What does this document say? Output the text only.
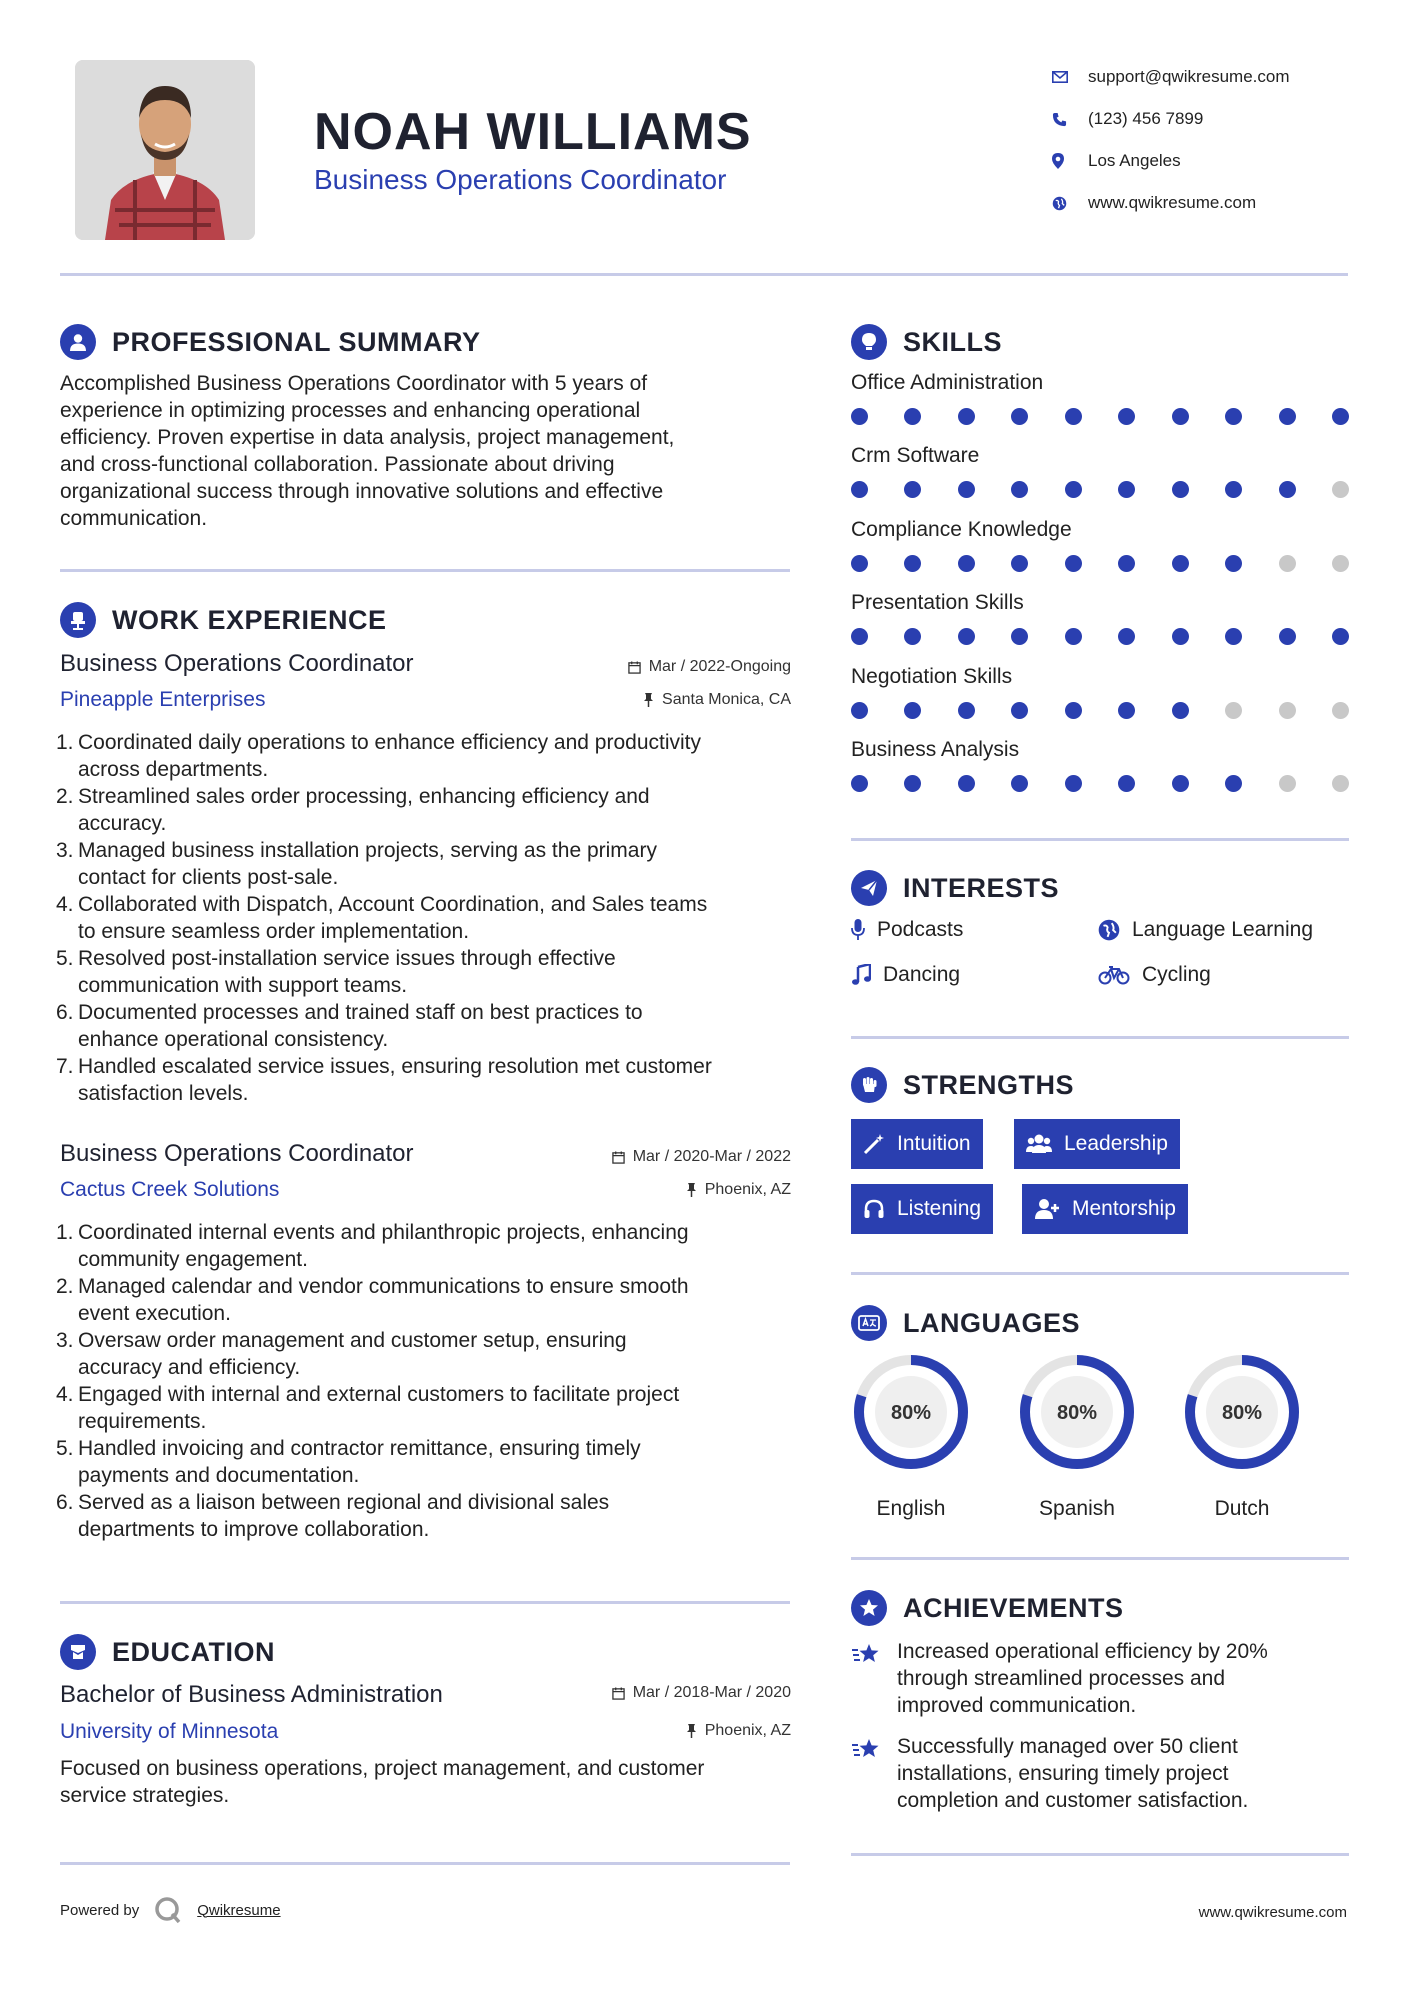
NOAH WILLIAMS
Business Operations Coordinator
support@qwikresume.com
(123) 456 7899
Los Angeles
www.qwikresume.com
PROFESSIONAL SUMMARY
Accomplished Business Operations Coordinator with 5 years of
experience in optimizing processes and enhancing operational
efficiency. Proven expertise in data analysis, project management,
and cross-functional collaboration. Passionate about driving
organizational success through innovative solutions and effective
communication.
WORK EXPERIENCE
Business Operations Coordinator	Mar / 2022-Ongoing
Pineapple Enterprises	Santa Monica, CA
1. Coordinated daily operations to enhance efficiency and productivity
across departments.
2. Streamlined sales order processing, enhancing efficiency and
accuracy.
3. Managed business installation projects, serving as the primary
contact for clients post-sale.
4. Collaborated with Dispatch, Account Coordination, and Sales teams
to ensure seamless order implementation.
5. Resolved post-installation service issues through effective
communication with support teams.
6. Documented processes and trained staff on best practices to
enhance operational consistency.
7. Handled escalated service issues, ensuring resolution met customer
satisfaction levels.
Business Operations Coordinator	Mar / 2020-Mar / 2022
Cactus Creek Solutions	Phoenix, AZ
1. Coordinated internal events and philanthropic projects, enhancing
community engagement.
2. Managed calendar and vendor communications to ensure smooth
event execution.
3. Oversaw order management and customer setup, ensuring
accuracy and efficiency.
4. Engaged with internal and external customers to facilitate project
requirements.
5. Handled invoicing and contractor remittance, ensuring timely
payments and documentation.
6. Served as a liaison between regional and divisional sales
departments to improve collaboration.
EDUCATION
Bachelor of Business Administration	Mar / 2018-Mar / 2020
University of Minnesota	Phoenix, AZ
Focused on business operations, project management, and customer
service strategies.
SKILLS
Office Administration
Crm Software
Compliance Knowledge
Presentation Skills
Negotiation Skills
Business Analysis
INTERESTS
Podcasts	Language Learning
Dancing	Cycling
STRENGTHS
Intuition	Leadership
Listening	Mentorship
LANGUAGES
80%
English
80%
Spanish
80%
Dutch
ACHIEVEMENTS
Increased operational efficiency by 20%
through streamlined processes and
improved communication.
Successfully managed over 50 client
installations, ensuring timely project
completion and customer satisfaction.
Powered by	Qwikresume	www.qwikresume.com
